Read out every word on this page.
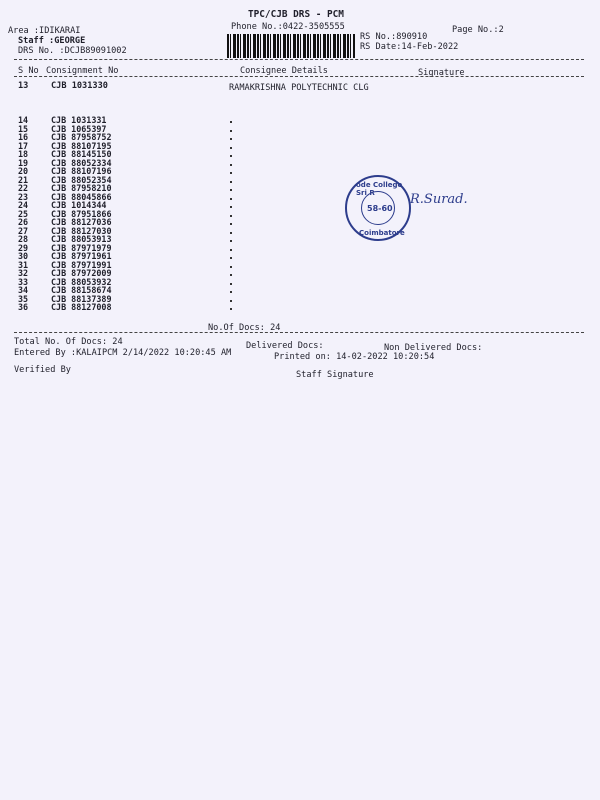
TPC/CJB DRS - PCM
Phone No.:0422-3505555	Page No.:2
Area :IDIKARAI
Staff :GEORGE
DRS No. :DCJB89091002
RS No.:890910
RS Date:14-Feb-2022
S No Consignment No	Consignee Details	Signature
13	CJB 1031330	RAMAKRISHNA POLYTECHNIC CLG
14	CJB 1031331
15	CJB 1065397
16	CJB 87958752
17	CJB 88107195
18	CJB 88145150
19	CJB 88052334
20	CJB 88107196
21	CJB 88052354
22	CJB 87958210
23	CJB 88045866
24	CJB 1014344
25	CJB 87951866
26	CJB 88127036
27	CJB 88127030
28	CJB 88053913
29	CJB 87971979
30	CJB 87971961
31	CJB 87971991
32	CJB 87972009
33	CJB 88053932
34	CJB 88158674
35	CJB 88137389
36	CJB 88127008
ode College Sri R
58-60
Coimbatore
R.Surad.
No.Of Docs: 24
Total No. Of Docs: 24	Delivered Docs:	Non Delivered Docs:
Entered By :KALAIPCM 2/14/2022 10:20:45 AM	Printed on: 14-02-2022 10:20:54
Verified By	Staff Signature
